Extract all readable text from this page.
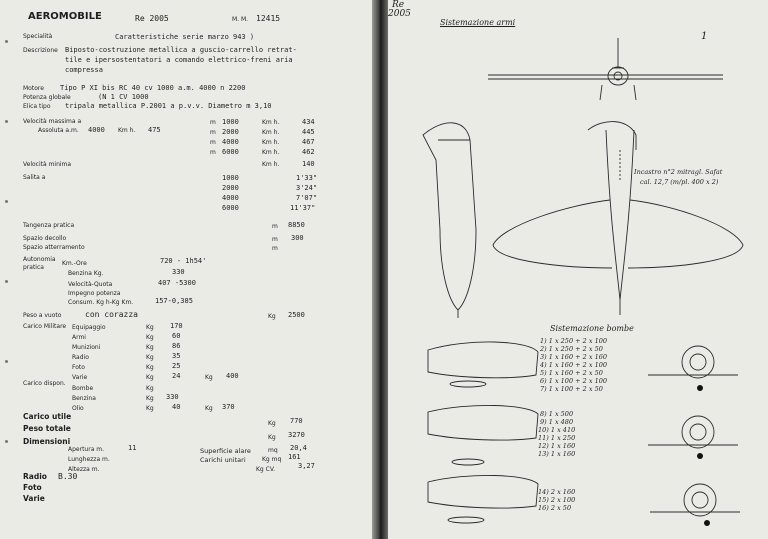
AEROMOBILE	Re 2005	M. M. 12415
Specialità	Caratteristiche serie marzo 943 )
Descrizione Biposto-costruzione metallica a guscio-carrello retrat-
tile e ipersostentatori a comando elettrico-freni aria
compressa
Motore Tipo P XI bis RC 40 cv 1000 a.m. 4000 n 2200
Potenza globale	(N 1 CV 1000
Elica tipo tripala metallica P.2001 a p.v.v. Diametro m 3,10
Velocità massima a
Assoluta a.m. 4000 Km h. 475
m 1000	Km h.	434
m 2000	Km h.	445
m 4000	Km h.	467
m 6000	Km h.	462
Velocità minima	Km h.	140
Salita a	1000	1'33"
2000	3'24"
4000	7'07"
6000	11'37"
Tangenza pratica	m 8850
Spazio decollo	m 300
Spazio atterramento	m
Autonomia
pratica
Km.-Ore	720 - 1h54'
Benzina Kg.	330
Velocità-Quota	407 -5300
Impegno potenza
Consum. Kg h-Kg Km.	157-0,385
Peso a vuoto	con corazza	Kg 2500
Carico Militare Equipaggio	Kg 170
Armi	Kg	60
Munizioni	Kg	86
Radio	Kg	35
Foto	Kg	25
Varie	Kg	24	Kg 400
Carico dispon.
Bombe	Kg
Benzina	Kg 330
Olio	Kg	40	Kg 370
Carico utile
Kg 770
Peso totale
Kg 3270
Dimensioni
Apertura m.	11
Lunghezza m.
Altezza m.
Superficie alare	mq 20,4
Carichi unitari	Kg mq 161
Kg CV.	3,27
Radio B.30
Foto
Varie
Re
2005
Sistemazione armi
1
Incastro n°2 mitragl. Safat
cal. 12,7 (m/pl. 400 x 2)
Sistemazione bombe
1) 1 x 250 + 2 x 100
2) 1 x 250 + 2 x 50
3) 1 x 160 + 2 x 160
4) 1 x 160 + 2 x 100
5) 1 x 160 + 2 x 50
6) 1 x 100 + 2 x 100
7) 1 x 100 + 2 x 50
8) 1 x 500
9) 1 x 480
10) 1 x 410
11) 1 x 250
12) 1 x 160
13) 1 x 160
14) 2 x 160
15) 2 x 100
16) 2 x 50
